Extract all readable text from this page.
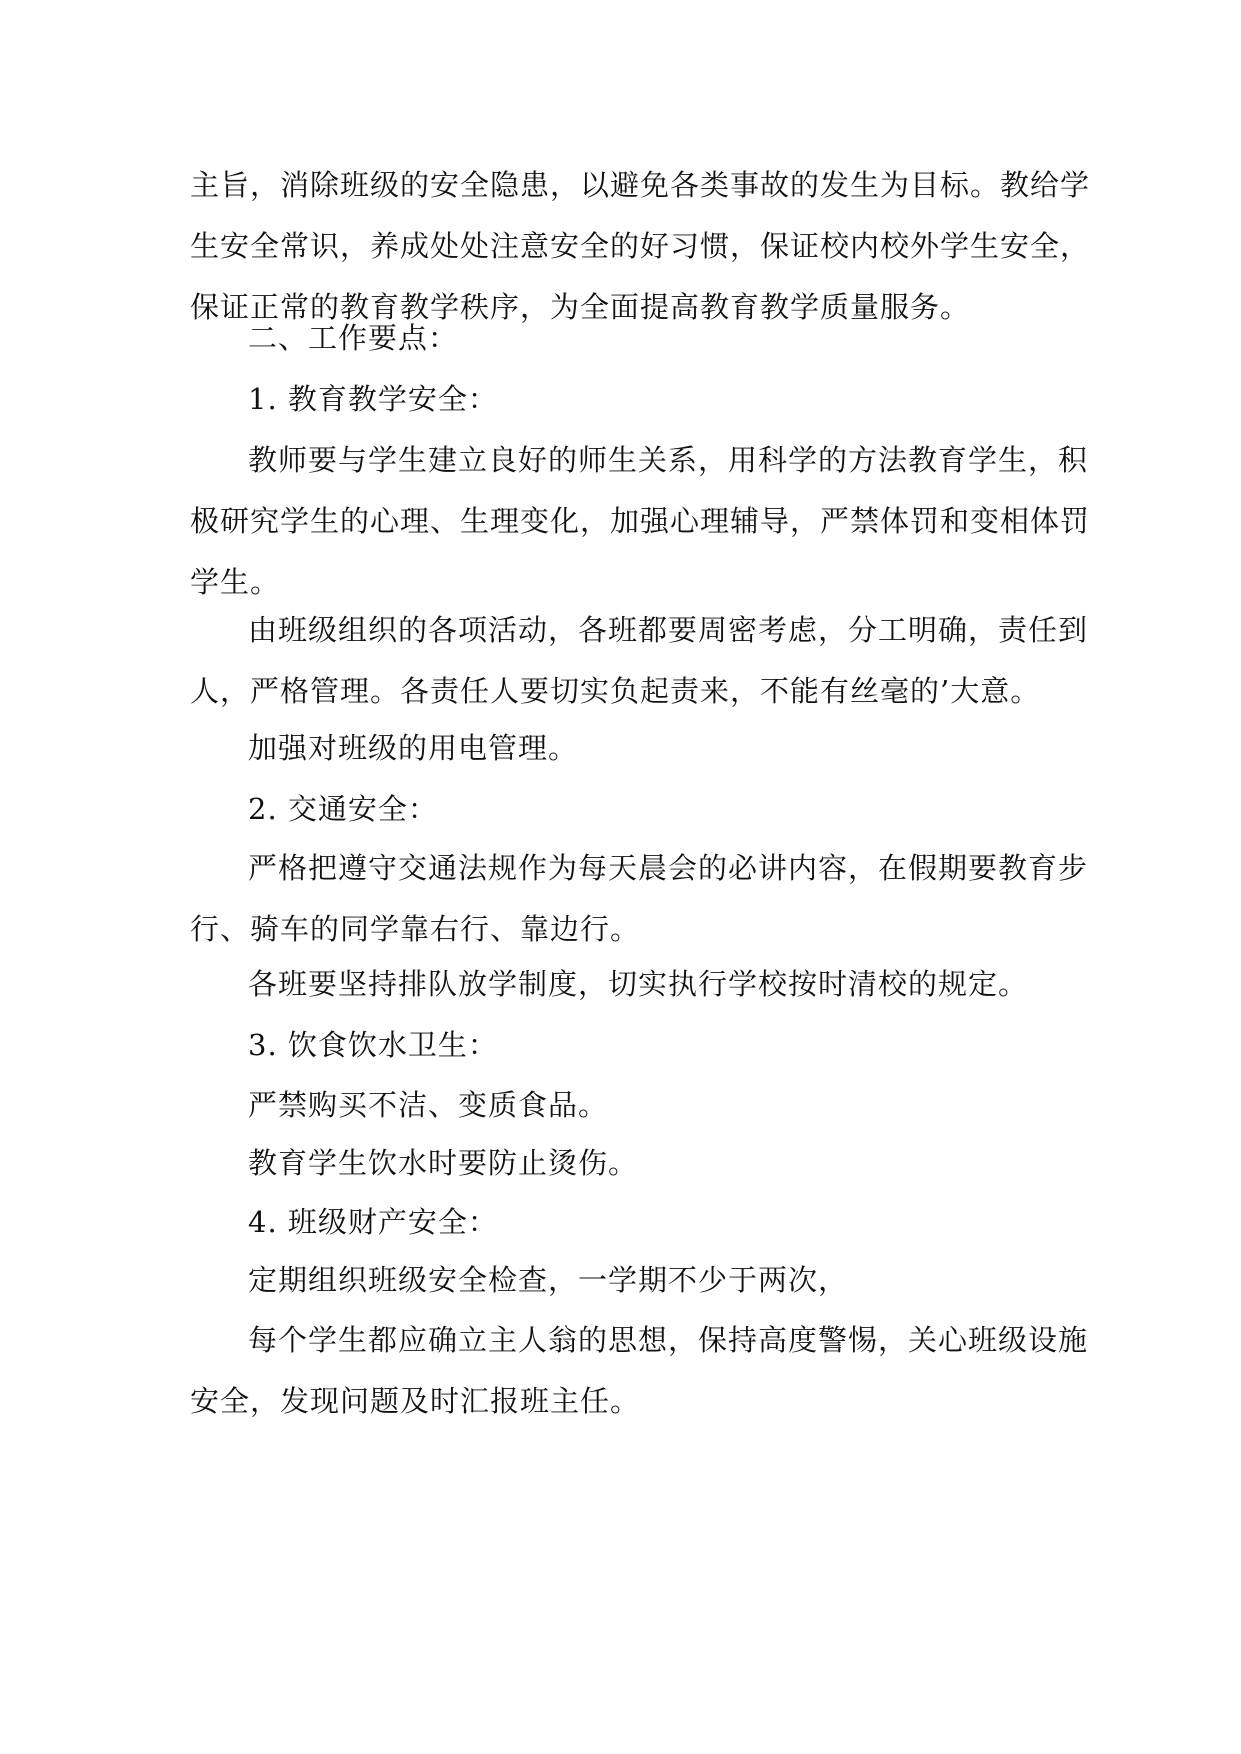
主旨，消除班级的安全隐患，以避免各类事故的发生为目标。教给学
生安全常识，养成处处注意安全的好习惯，保证校内校外学生安全，
保证正常的教育教学秩序，为全面提高教育教学质量服务。
二、工作要点：
1. 教育教学安全：
教师要与学生建立良好的师生关系，用科学的方法教育学生，积
极研究学生的心理、生理变化，加强心理辅导，严禁体罚和变相体罚
学生。
由班级组织的各项活动，各班都要周密考虑，分工明确，责任到
人，严格管理。各责任人要切实负起责来，不能有丝毫的’大意。
加强对班级的用电管理。
2. 交通安全：
严格把遵守交通法规作为每天晨会的必讲内容，在假期要教育步
行、骑车的同学靠右行、靠边行。
各班要坚持排队放学制度，切实执行学校按时清校的规定。
3. 饮食饮水卫生：
严禁购买不洁、变质食品。
教育学生饮水时要防止烫伤。
4. 班级财产安全：
定期组织班级安全检查，一学期不少于两次，
每个学生都应确立主人翁的思想，保持高度警惕，关心班级设施
安全，发现问题及时汇报班主任。
